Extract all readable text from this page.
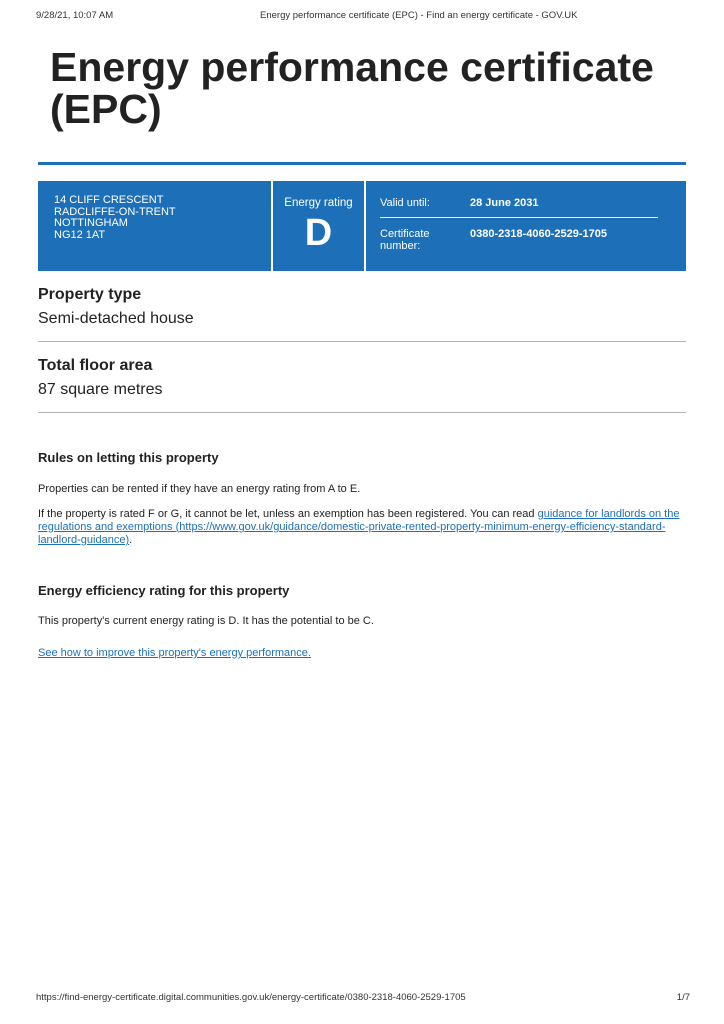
9/28/21, 10:07 AM	Energy performance certificate (EPC) - Find an energy certificate - GOV.UK
Energy performance certificate (EPC)
14 CLIFF CRESCENT
RADCLIFFE-ON-TRENT
NOTTINGHAM
NG12 1AT
Energy rating
D
Valid until:	28 June 2031
Certificate
number:
0380-2318-4060-2529-1705
Property type
Semi-detached house
Total floor area
87 square metres
Rules on letting this property
Properties can be rented if they have an energy rating from A to E.
If the property is rated F or G, it cannot be let, unless an exemption has been registered. You can read guidance for landlords on the regulations and exemptions (https://www.gov.uk/guidance/domestic-private-rented-property-minimum-energy-efficiency-standard-landlord-guidance).
Energy efficiency rating for this property
This property's current energy rating is D. It has the potential to be C.
See how to improve this property's energy performance.
https://find-energy-certificate.digital.communities.gov.uk/energy-certificate/0380-2318-4060-2529-1705	1/7
